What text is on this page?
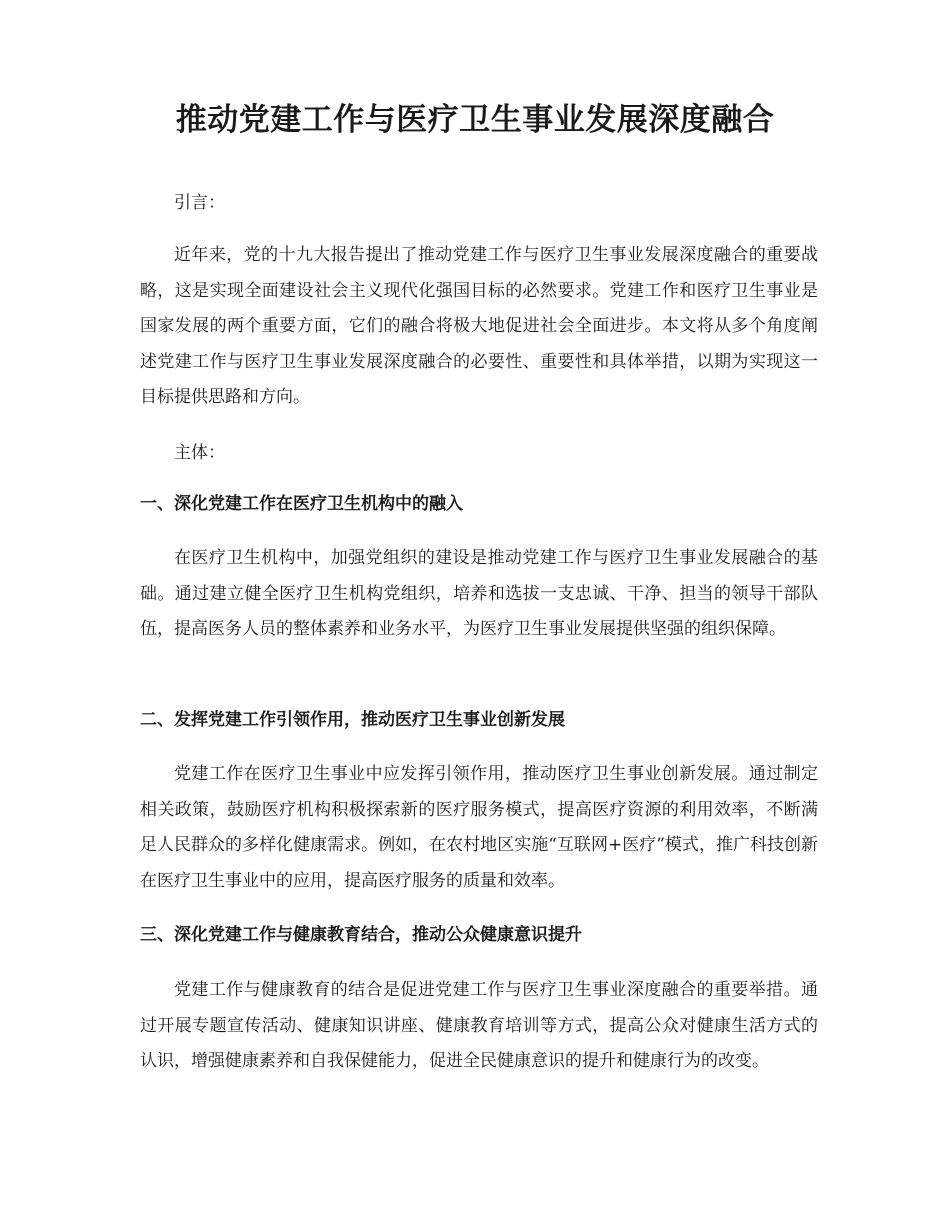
推动党建工作与医疗卫生事业发展深度融合

引言：

近年来，党的十九大报告提出了推动党建工作与医疗卫生事业发展深度融合的重要战略，这是实现全面建设社会主义现代化强国目标的必然要求。党建工作和医疗卫生事业是国家发展的两个重要方面，它们的融合将极大地促进社会全面进步。本文将从多个角度阐述党建工作与医疗卫生事业发展深度融合的必要性、重要性和具体举措，以期为实现这一目标提供思路和方向。

主体：

一、深化党建工作在医疗卫生机构中的融入

在医疗卫生机构中，加强党组织的建设是推动党建工作与医疗卫生事业发展融合的基础。通过建立健全医疗卫生机构党组织，培养和选拔一支忠诚、干净、担当的领导干部队伍，提高医务人员的整体素养和业务水平，为医疗卫生事业发展提供坚强的组织保障。

二、发挥党建工作引领作用，推动医疗卫生事业创新发展

党建工作在医疗卫生事业中应发挥引领作用，推动医疗卫生事业创新发展。通过制定相关政策，鼓励医疗机构积极探索新的医疗服务模式，提高医疗资源的利用效率，不断满足人民群众的多样化健康需求。例如，在农村地区实施“互联网+医疗”模式，推广科技创新在医疗卫生事业中的应用，提高医疗服务的质量和效率。

三、深化党建工作与健康教育结合，推动公众健康意识提升

党建工作与健康教育的结合是促进党建工作与医疗卫生事业深度融合的重要举措。通过开展专题宣传活动、健康知识讲座、健康教育培训等方式，提高公众对健康生活方式的认识，增强健康素养和自我保健能力，促进全民健康意识的提升和健康行为的改变。
